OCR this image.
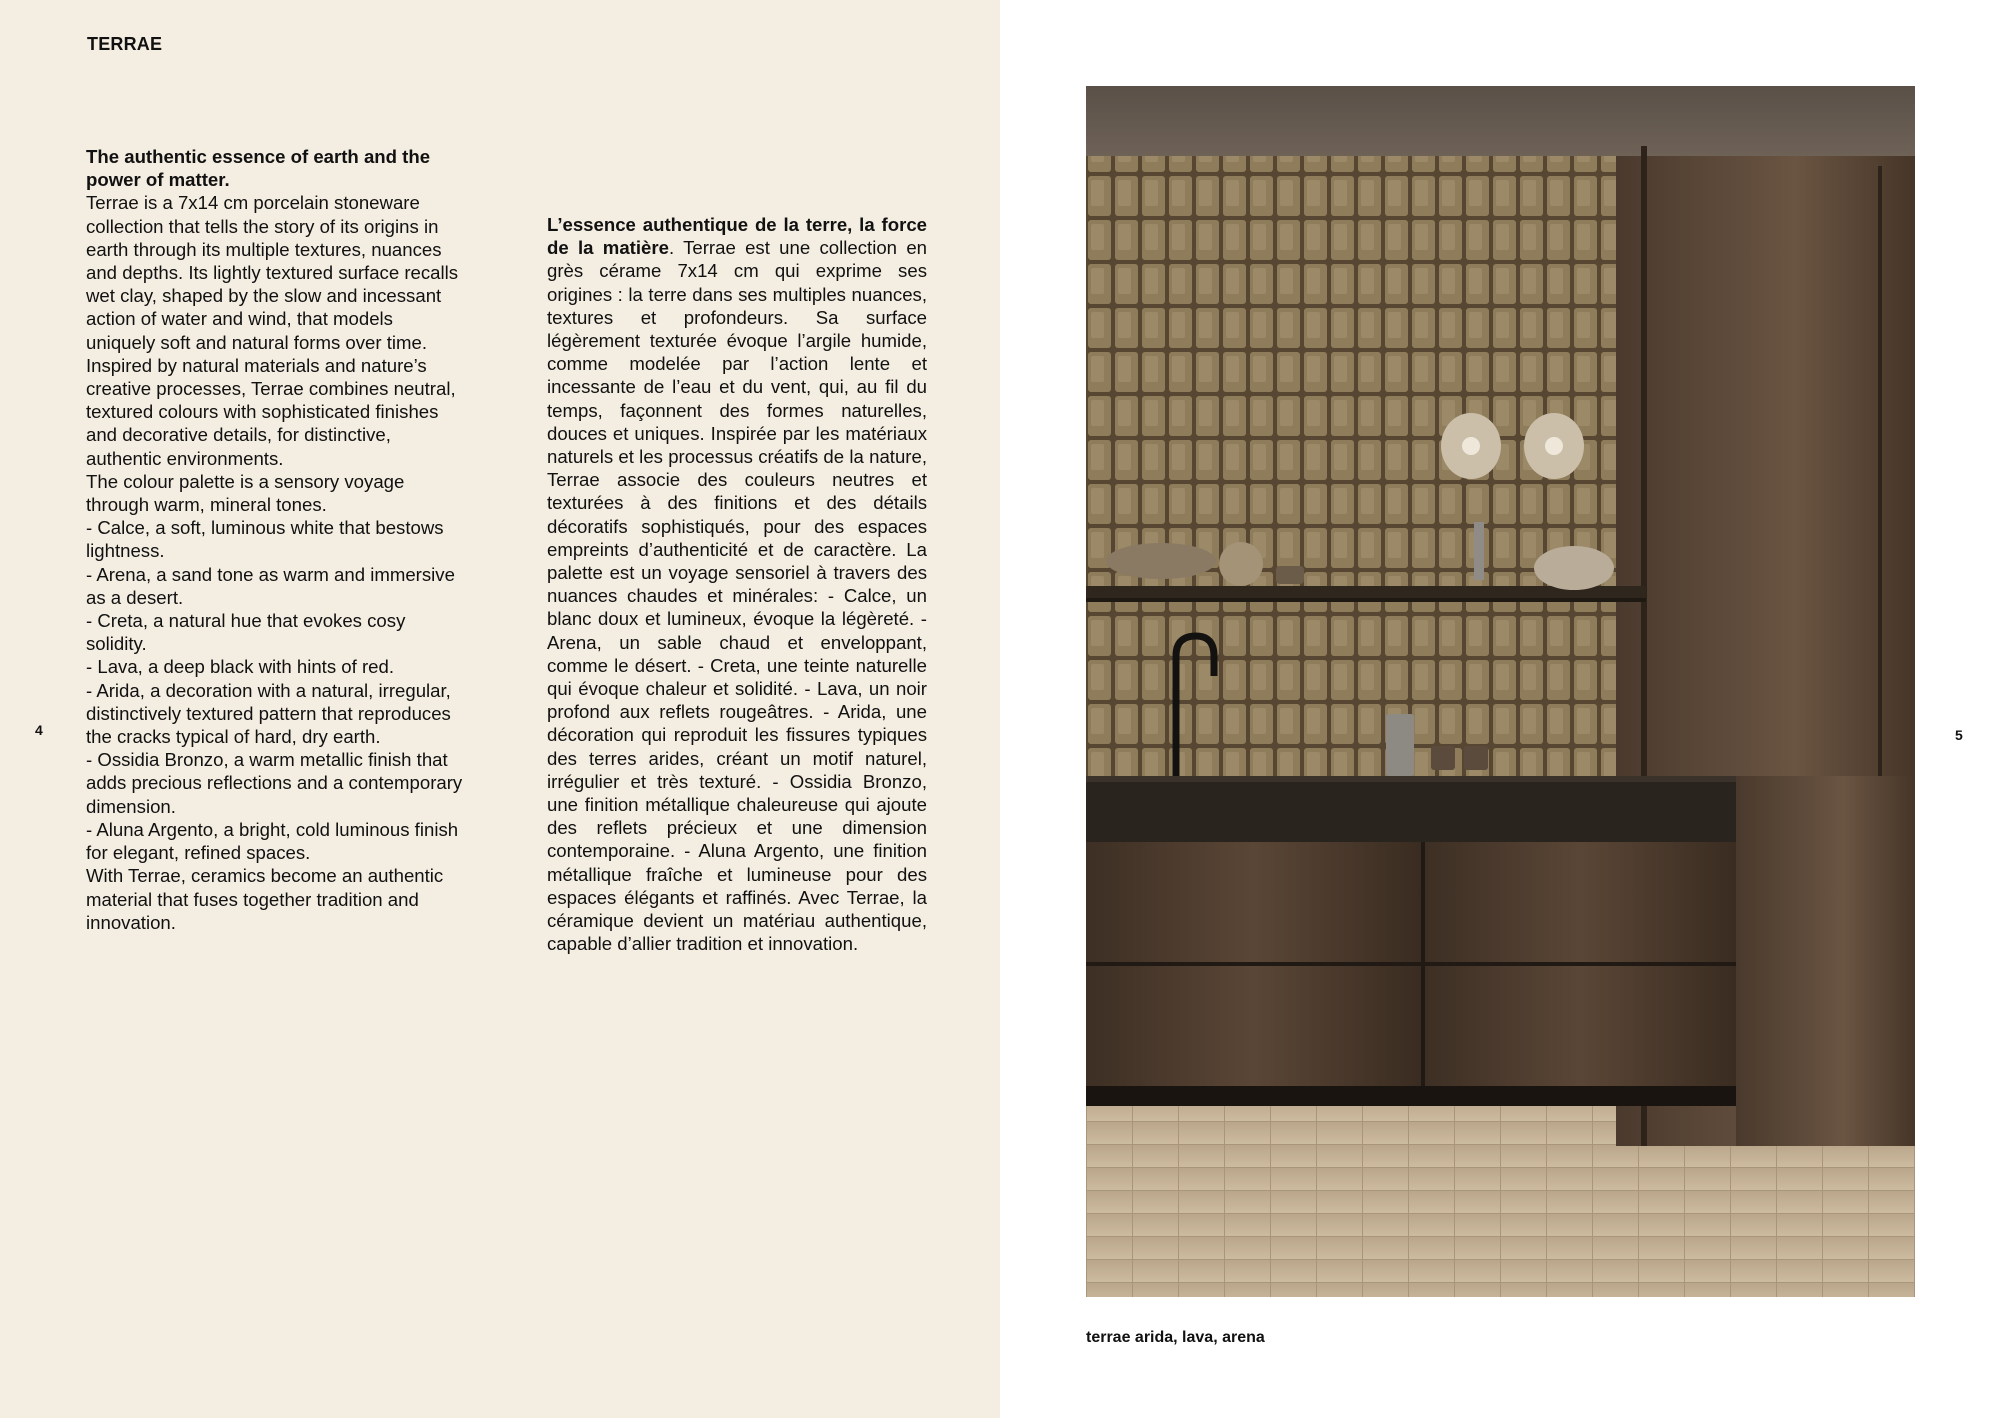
TERRAE

The authentic essence of earth and the power of matter.

Terrae is a 7x14 cm porcelain stoneware collection that tells the story of its origins in earth through its multiple textures, nuances and depths. Its lightly textured surface recalls wet clay, shaped by the slow and incessant action of water and wind, that models uniquely soft and natural forms over time.

Inspired by natural materials and nature’s creative processes, Terrae combines neutral, textured colours with sophisticated finishes and decorative details, for distinctive, authentic environments.

The colour palette is a sensory voyage through warm, mineral tones.

- Calce, a soft, luminous white that bestows lightness.

- Arena, a sand tone as warm and immersive as a desert.

- Creta, a natural hue that evokes cosy solidity.

- Lava, a deep black with hints of red.

- Arida, a decoration with a natural, irregular, distinctively textured pattern that reproduces the cracks typical of hard, dry earth.

- Ossidia Bronzo, a warm metallic finish that adds precious reflections and a contemporary dimension.

- Aluna Argento, a bright, cold luminous finish for elegant, refined spaces.

With Terrae, ceramics become an authentic material that fuses together tradition and innovation.

L’essence authentique de la terre, la force de la matière. Terrae est une collection en grès cérame 7x14 cm qui exprime ses origines : la terre dans ses multiples nuances, textures et profondeurs. Sa surface légèrement texturée évoque l’argile humide, comme modelée par l’action lente et incessante de l’eau et du vent, qui, au fil du temps, façonnent des formes naturelles, douces et uniques. Inspirée par les matériaux naturels et les processus créatifs de la nature, Terrae associe des couleurs neutres et texturées à des finitions et des détails décoratifs sophistiqués, pour des espaces empreints d’authenticité et de caractère. La palette est un voyage sensoriel à travers des nuances chaudes et minérales: - Calce, un blanc doux et lumineux, évoque la légèreté. - Arena, un sable chaud et enveloppant, comme le désert. - Creta, une teinte naturelle qui évoque chaleur et solidité. - Lava, un noir profond aux reflets rougeâtres. - Arida, une décoration qui reproduit les fissures typiques des terres arides, créant un motif naturel, irrégulier et très texturé. - Ossidia Bronzo, une finition métallique chaleureuse qui ajoute des reflets précieux et une dimension contemporaine. - Aluna Argento, une finition métallique fraîche et lumineuse pour des espaces élégants et raffinés. Avec Terrae, la céramique devient un matériau authentique, capable d’allier tradition et innovation.

4
terrae arida, lava, arena
5
